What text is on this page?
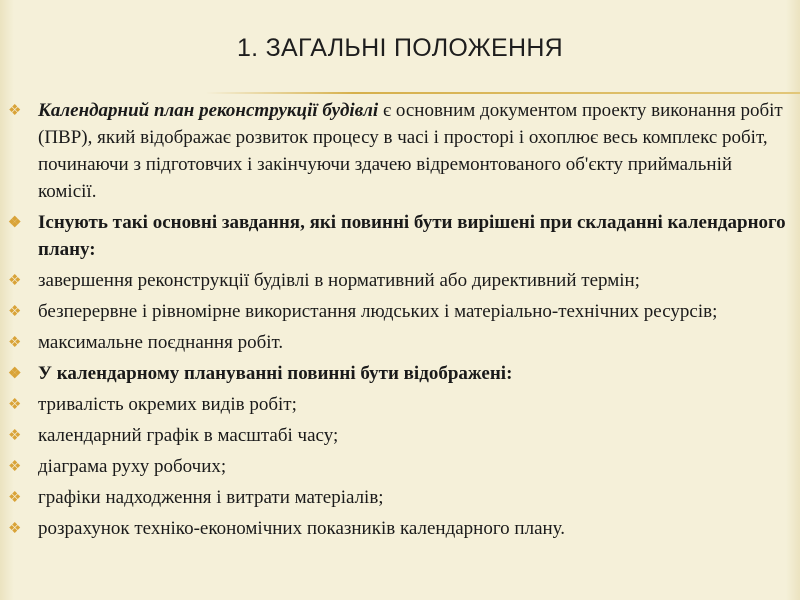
1. ЗАГАЛЬНІ ПОЛОЖЕННЯ
❖ Календарний план реконструкції будівлі є основним документом проекту виконання робіт (ПВР), який відображає розвиток процесу в часі і просторі і охоплює весь комплекс робіт, починаючи з підготовчих і закінчуючи здачею відремонтованого об'єкту приймальній комісії.
❖ Існують такі основні завдання, які повинні бути вирішені при складанні календарного плану:
❖ завершення реконструкції будівлі в нормативний або директивний термін;
❖ безперервне і рівномірне використання людських і матеріально-технічних ресурсів;
❖ максимальне поєднання робіт.
❖ У календарному плануванні повинні бути відображені:
❖ тривалість окремих видів робіт;
❖ календарний графік в масштабі часу;
❖ діаграма руху робочих;
❖ графіки надходження і витрати матеріалів;
❖ розрахунок техніко-економічних показників календарного плану.
